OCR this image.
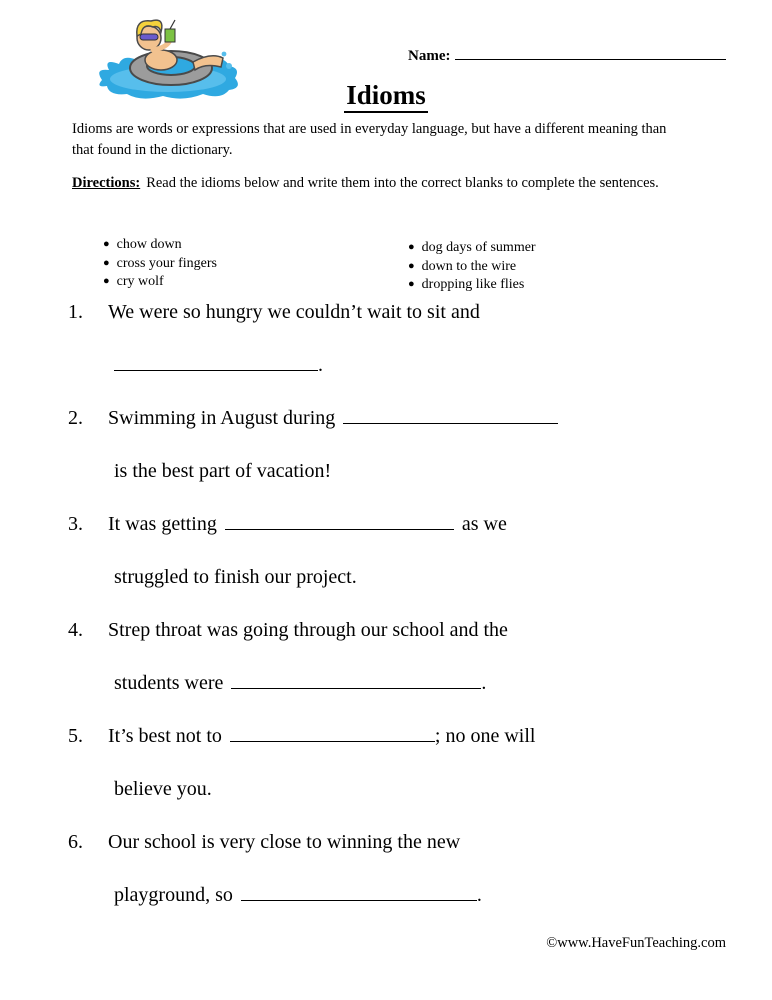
Name:
Idioms
Idioms are words or expressions that are used in everyday language, but have a different meaning than that found in the dictionary.
Directions: Read the idioms below and write them into the correct blanks to complete the sentences.
● chow down
● cross your fingers
● cry wolf
● dog days of summer
● down to the wire
● dropping like flies
1. We were so hungry we couldn’t wait to sit and
.
2. Swimming in August during
is the best part of vacation!
3. It was getting	as we
struggled to finish our project.
4. Strep throat was going through our school and the
students were	.
5. It’s best not to	; no one will
believe you.
6. Our school is very close to winning the new
playground, so	.
©www.HaveFunTeaching.com
